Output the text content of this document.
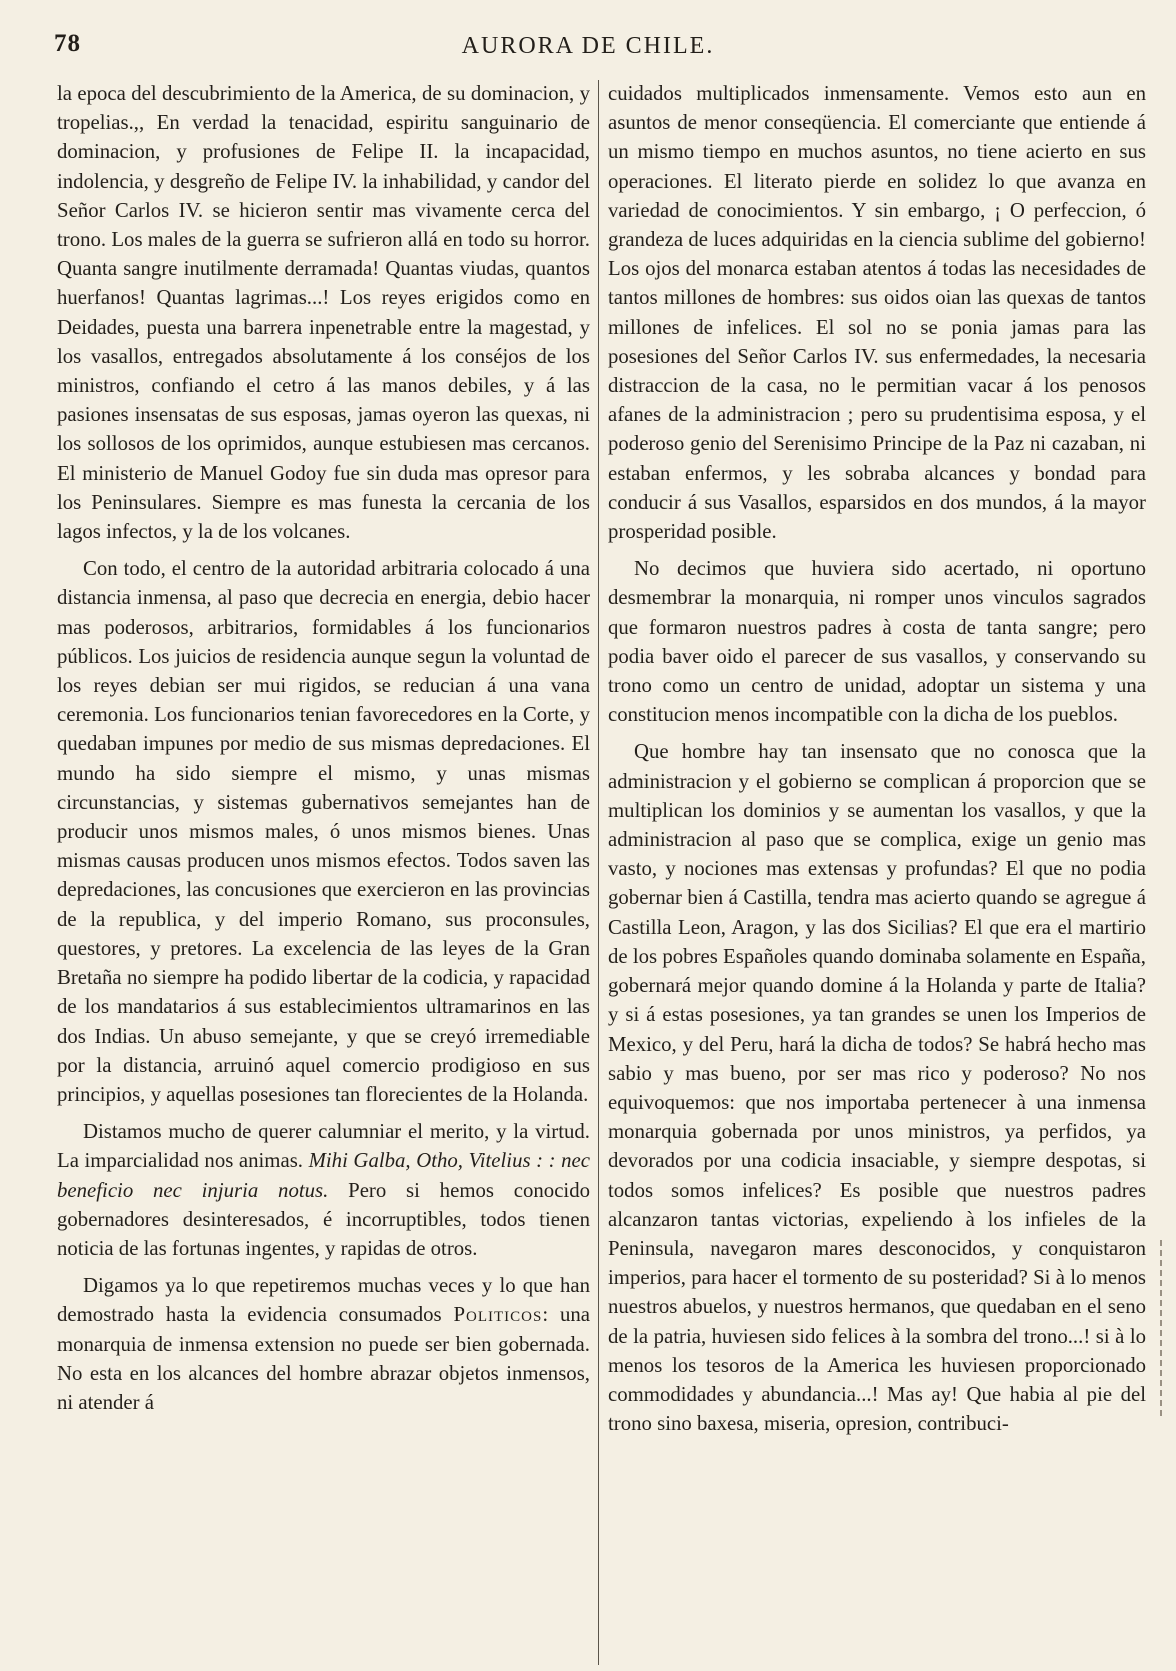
78	AURORA DE CHILE.

la epoca del descubrimiento de la America, de su dominacion, y tropelias.,, En verdad la tenacidad, espiritu sanguinario de dominacion, y profusiones de Felipe II. la incapacidad, indolencia, y desgreño de Felipe IV. la inhabilidad, y candor del Señor Carlos IV. se hicieron sentir mas vivamente cerca del trono. Los males de la guerra se sufrieron allá en todo su horror. Quanta sangre inutilmente derramada! Quantas viudas, quantos huerfanos! Quantas lagrimas...! Los reyes erigidos como en Deidades, puesta una barrera inpenetrable entre la magestad, y los vasallos, entregados absolutamente á los conséjos de los ministros, confiando el cetro á las manos debiles, y á las pasiones insensatas de sus esposas, jamas oyeron las quexas, ni los sollosos de los oprimidos, aunque estubiesen mas cercanos. El ministerio de Manuel Godoy fue sin duda mas opresor para los Peninsulares. Siempre es mas funesta la cercania de los lagos infectos, y la de los volcanes.

Con todo, el centro de la autoridad arbitraria colocado á una distancia inmensa, al paso que decrecia en energia, debio hacer mas poderosos, arbitrarios, formidables á los funcionarios públicos. Los juicios de residencia aunque segun la voluntad de los reyes debian ser mui rigidos, se reducian á una vana ceremonia. Los funcionarios tenian favorecedores en la Corte, y quedaban impunes por medio de sus mismas depredaciones. El mundo ha sido siempre el mismo, y unas mismas circunstancias, y sistemas gubernativos semejantes han de producir unos mismos males, ó unos mismos bienes. Unas mismas causas producen unos mismos efectos. Todos saven las depredaciones, las concusiones que exercieron en las provincias de la republica, y del imperio Romano, sus proconsules, questores, y pretores. La excelencia de las leyes de la Gran Bretaña no siempre ha podido libertar de la codicia, y rapacidad de los mandatarios á sus establecimientos ultramarinos en las dos Indias. Un abuso semejante, y que se creyó irremediable por la distancia, arruinó aquel comercio prodigioso en sus principios, y aquellas posesiones tan florecientes de la Holanda.

Distamos mucho de querer calumniar el merito, y la virtud. La imparcialidad nos animas. Mihi Galba, Otho, Vitelius : : nec beneficio nec injuria notus. Pero si hemos conocido gobernadores desinteresados, é incorruptibles, todos tienen noticia de las fortunas ingentes, y rapidas de otros.

Digamos ya lo que repetiremos muchas veces y lo que han demostrado hasta la evidencia consumados Politicos: una monarquia de inmensa extension no puede ser bien gobernada. No esta en los alcances del hombre abrazar objetos inmensos, ni atender á

cuidados multiplicados inmensamente. Vemos esto aun en asuntos de menor conseqüencia. El comerciante que entiende á un mismo tiempo en muchos asuntos, no tiene acierto en sus operaciones. El literato pierde en solidez lo que avanza en variedad de conocimientos. Y sin embargo, ¡ O perfeccion, ó grandeza de luces adquiridas en la ciencia sublime del gobierno! Los ojos del monarca estaban atentos á todas las necesidades de tantos millones de hombres: sus oidos oian las quexas de tantos millones de infelices. El sol no se ponia jamas para las posesiones del Señor Carlos IV. sus enfermedades, la necesaria distraccion de la casa, no le permitian vacar á los penosos afanes de la administracion ; pero su prudentisima esposa, y el poderoso genio del Serenisimo Principe de la Paz ni cazaban, ni estaban enfermos, y les sobraba alcances y bondad para conducir á sus Vasallos, esparsidos en dos mundos, á la mayor prosperidad posible.

No decimos que huviera sido acertado, ni oportuno desmembrar la monarquia, ni romper unos vinculos sagrados que formaron nuestros padres à costa de tanta sangre; pero podia baver oido el parecer de sus vasallos, y conservando su trono como un centro de unidad, adoptar un sistema y una constitucion menos incompatible con la dicha de los pueblos.

Que hombre hay tan insensato que no conosca que la administracion y el gobierno se complican á proporcion que se multiplican los dominios y se aumentan los vasallos, y que la administracion al paso que se complica, exige un genio mas vasto, y nociones mas extensas y profundas? El que no podia gobernar bien á Castilla, tendra mas acierto quando se agregue á Castilla Leon, Aragon, y las dos Sicilias? El que era el martirio de los pobres Españoles quando dominaba solamente en España, gobernará mejor quando domine á la Holanda y parte de Italia? y si á estas posesiones, ya tan grandes se unen los Imperios de Mexico, y del Peru, hará la dicha de todos? Se habrá hecho mas sabio y mas bueno, por ser mas rico y poderoso? No nos equivoquemos: que nos importaba pertenecer à una inmensa monarquia gobernada por unos ministros, ya perfidos, ya devorados por una codicia insaciable, y siempre despotas, si todos somos infelices? Es posible que nuestros padres alcanzaron tantas victorias, expeliendo à los infieles de la Peninsula, navegaron mares desconocidos, y conquistaron imperios, para hacer el tormento de su posteridad? Si à lo menos nuestros abuelos, y nuestros hermanos, que quedaban en el seno de la patria, huviesen sido felices à la sombra del trono...! si à lo menos los tesoros de la America les huviesen proporcionado commodidades y abundancia...! Mas ay! Que habia al pie del trono sino baxesa, miseria, opresion, contribuci-
